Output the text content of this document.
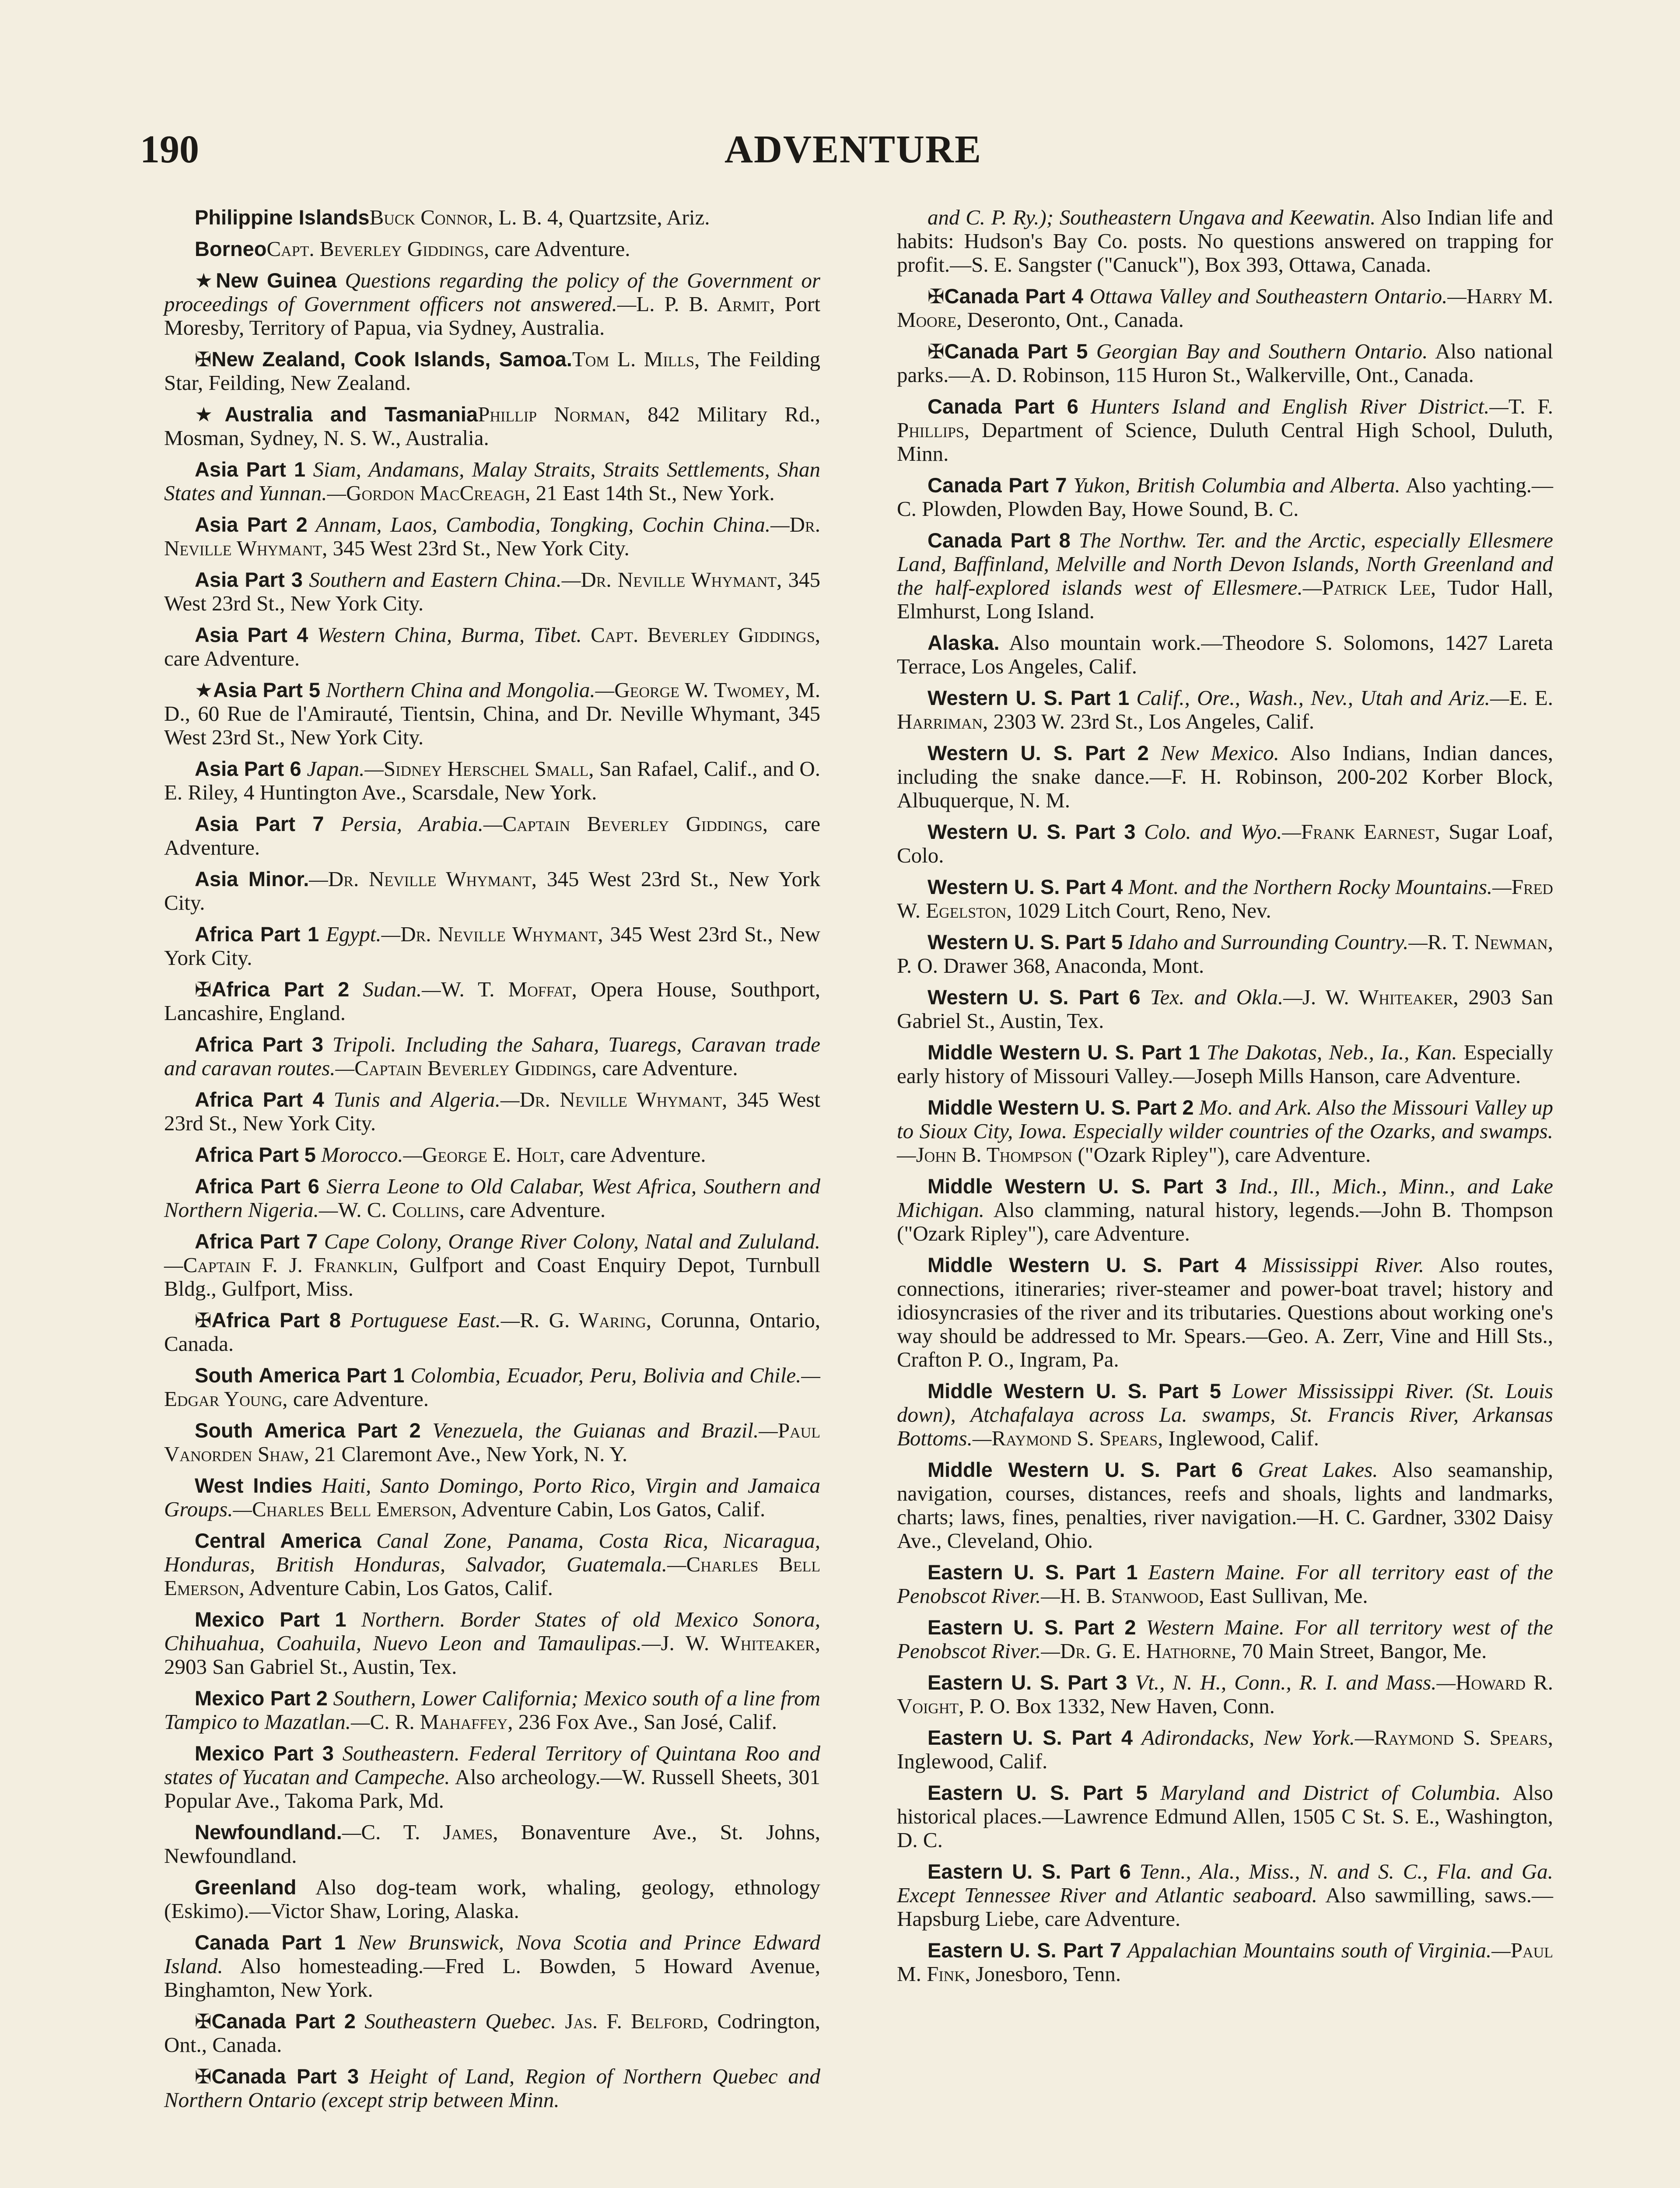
190	ADVENTURE

Philippine IslandsBuck Connor, L. B. 4, Quartzsite, Ariz.

BorneoCapt. Beverley Giddings, care Adventure.

★New Guinea Questions regarding the policy of the Government or proceedings of Government officers not answered.—L. P. B. Armit, Port Moresby, Territory of Papua, via Sydney, Australia.

✠New Zealand, Cook Islands, Samoa.Tom L. Mills, The Feilding Star, Feilding, New Zealand.

★Australia and TasmaniaPhillip Norman, 842 Military Rd., Mosman, Sydney, N. S. W., Australia.

Asia Part 1 Siam, Andamans, Malay Straits, Straits Settlements, Shan States and Yunnan.—Gordon MacCreagh, 21 East 14th St., New York.

Asia Part 2 Annam, Laos, Cambodia, Tongking, Cochin China.—Dr. Neville Whymant, 345 West 23rd St., New York City.

Asia Part 3 Southern and Eastern China.—Dr. Neville Whymant, 345 West 23rd St., New York City.

Asia Part 4 Western China, Burma, Tibet. Capt. Beverley Giddings, care Adventure.

★Asia Part 5 Northern China and Mongolia.—George W. Twomey, M. D., 60 Rue de l'Amirauté, Tientsin, China, and Dr. Neville Whymant, 345 West 23rd St., New York City.

Asia Part 6 Japan.—Sidney Herschel Small, San Rafael, Calif., and O. E. Riley, 4 Huntington Ave., Scarsdale, New York.

Asia Part 7 Persia, Arabia.—Captain Beverley Giddings, care Adventure.

Asia Minor.—Dr. Neville Whymant, 345 West 23rd St., New York City.

Africa Part 1 Egypt.—Dr. Neville Whymant, 345 West 23rd St., New York City.

✠Africa Part 2 Sudan.—W. T. Moffat, Opera House, Southport, Lancashire, England.

Africa Part 3 Tripoli. Including the Sahara, Tuaregs, Caravan trade and caravan routes.—Captain Beverley Giddings, care Adventure.

Africa Part 4 Tunis and Algeria.—Dr. Neville Whymant, 345 West 23rd St., New York City.

Africa Part 5 Morocco.—George E. Holt, care Adventure.

Africa Part 6 Sierra Leone to Old Calabar, West Africa, Southern and Northern Nigeria.—W. C. Collins, care Adventure.

Africa Part 7 Cape Colony, Orange River Colony, Natal and Zululand.—Captain F. J. Franklin, Gulfport and Coast Enquiry Depot, Turnbull Bldg., Gulfport, Miss.

✠Africa Part 8 Portuguese East.—R. G. Waring, Corunna, Ontario, Canada.

South America Part 1 Colombia, Ecuador, Peru, Bolivia and Chile.—Edgar Young, care Adventure.

South America Part 2 Venezuela, the Guianas and Brazil.—Paul Vanorden Shaw, 21 Claremont Ave., New York, N. Y.

West Indies Haiti, Santo Domingo, Porto Rico, Virgin and Jamaica Groups.—Charles Bell Emerson, Adventure Cabin, Los Gatos, Calif.

Central America Canal Zone, Panama, Costa Rica, Nicaragua, Honduras, British Honduras, Salvador, Guatemala.—Charles Bell Emerson, Adventure Cabin, Los Gatos, Calif.

Mexico Part 1 Northern. Border States of old Mexico Sonora, Chihuahua, Coahuila, Nuevo Leon and Tamaulipas.—J. W. Whiteaker, 2903 San Gabriel St., Austin, Tex.

Mexico Part 2 Southern, Lower California; Mexico south of a line from Tampico to Mazatlan.—C. R. Mahaffey, 236 Fox Ave., San José, Calif.

Mexico Part 3 Southeastern. Federal Territory of Quintana Roo and states of Yucatan and Campeche. Also archeology.—W. Russell Sheets, 301 Popular Ave., Takoma Park, Md.

Newfoundland.—C. T. James, Bonaventure Ave., St. Johns, Newfoundland.

Greenland Also dog-team work, whaling, geology, ethnology (Eskimo).—Victor Shaw, Loring, Alaska.

Canada Part 1 New Brunswick, Nova Scotia and Prince Edward Island. Also homesteading.—Fred L. Bowden, 5 Howard Avenue, Binghamton, New York.

✠Canada Part 2 Southeastern Quebec. Jas. F. Belford, Codrington, Ont., Canada.

✠Canada Part 3 Height of Land, Region of Northern Quebec and Northern Ontario (except strip between Minn.

and C. P. Ry.); Southeastern Ungava and Keewatin. Also Indian life and habits: Hudson's Bay Co. posts. No questions answered on trapping for profit.—S. E. Sangster ("Canuck"), Box 393, Ottawa, Canada.

✠Canada Part 4 Ottawa Valley and Southeastern Ontario.—Harry M. Moore, Deseronto, Ont., Canada.

✠Canada Part 5 Georgian Bay and Southern Ontario. Also national parks.—A. D. Robinson, 115 Huron St., Walkerville, Ont., Canada.

Canada Part 6 Hunters Island and English River District.—T. F. Phillips, Department of Science, Duluth Central High School, Duluth, Minn.

Canada Part 7 Yukon, British Columbia and Alberta. Also yachting.—C. Plowden, Plowden Bay, Howe Sound, B. C.

Canada Part 8 The Northw. Ter. and the Arctic, especially Ellesmere Land, Baffinland, Melville and North Devon Islands, North Greenland and the half-explored islands west of Ellesmere.—Patrick Lee, Tudor Hall, Elmhurst, Long Island.

Alaska. Also mountain work.—Theodore S. Solomons, 1427 Lareta Terrace, Los Angeles, Calif.

Western U. S. Part 1 Calif., Ore., Wash., Nev., Utah and Ariz.—E. E. Harriman, 2303 W. 23rd St., Los Angeles, Calif.

Western U. S. Part 2 New Mexico. Also Indians, Indian dances, including the snake dance.—F. H. Robinson, 200-202 Korber Block, Albuquerque, N. M.

Western U. S. Part 3 Colo. and Wyo.—Frank Earnest, Sugar Loaf, Colo.

Western U. S. Part 4 Mont. and the Northern Rocky Mountains.—Fred W. Egelston, 1029 Litch Court, Reno, Nev.

Western U. S. Part 5 Idaho and Surrounding Country.—R. T. Newman, P. O. Drawer 368, Anaconda, Mont.

Western U. S. Part 6 Tex. and Okla.—J. W. Whiteaker, 2903 San Gabriel St., Austin, Tex.

Middle Western U. S. Part 1 The Dakotas, Neb., Ia., Kan. Especially early history of Missouri Valley.—Joseph Mills Hanson, care Adventure.

Middle Western U. S. Part 2 Mo. and Ark. Also the Missouri Valley up to Sioux City, Iowa. Especially wilder countries of the Ozarks, and swamps.—John B. Thompson ("Ozark Ripley"), care Adventure.

Middle Western U. S. Part 3 Ind., Ill., Mich., Minn., and Lake Michigan. Also clamming, natural history, legends.—John B. Thompson ("Ozark Ripley"), care Adventure.

Middle Western U. S. Part 4 Mississippi River. Also routes, connections, itineraries; river-steamer and power-boat travel; history and idiosyncrasies of the river and its tributaries. Questions about working one's way should be addressed to Mr. Spears.—Geo. A. Zerr, Vine and Hill Sts., Crafton P. O., Ingram, Pa.

Middle Western U. S. Part 5 Lower Mississippi River. (St. Louis down), Atchafalaya across La. swamps, St. Francis River, Arkansas Bottoms.—Raymond S. Spears, Inglewood, Calif.

Middle Western U. S. Part 6 Great Lakes. Also seamanship, navigation, courses, distances, reefs and shoals, lights and landmarks, charts; laws, fines, penalties, river navigation.—H. C. Gardner, 3302 Daisy Ave., Cleveland, Ohio.

Eastern U. S. Part 1 Eastern Maine. For all territory east of the Penobscot River.—H. B. Stanwood, East Sullivan, Me.

Eastern U. S. Part 2 Western Maine. For all territory west of the Penobscot River.—Dr. G. E. Hathorne, 70 Main Street, Bangor, Me.

Eastern U. S. Part 3 Vt., N. H., Conn., R. I. and Mass.—Howard R. Voight, P. O. Box 1332, New Haven, Conn.

Eastern U. S. Part 4 Adirondacks, New York.—Raymond S. Spears, Inglewood, Calif.

Eastern U. S. Part 5 Maryland and District of Columbia. Also historical places.—Lawrence Edmund Allen, 1505 C St. S. E., Washington, D. C.

Eastern U. S. Part 6 Tenn., Ala., Miss., N. and S. C., Fla. and Ga. Except Tennessee River and Atlantic seaboard. Also sawmilling, saws.—Hapsburg Liebe, care Adventure.

Eastern U. S. Part 7 Appalachian Mountains south of Virginia.—Paul M. Fink, Jonesboro, Tenn.
